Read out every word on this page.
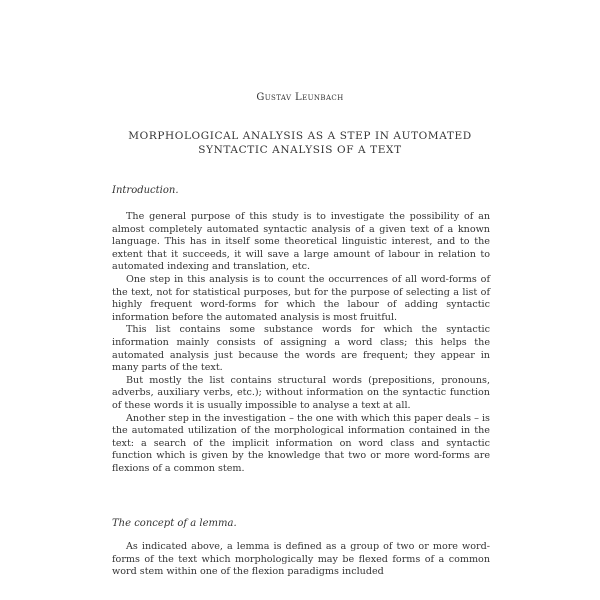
Gustav Leunbach
MORPHOLOGICAL ANALYSIS AS A STEP IN AUTOMATED
SYNTACTIC ANALYSIS OF A TEXT
Introduction.

The general purpose of this study is to investigate the possibility of an almost completely automated syntactic analysis of a given text of a known language. This has in itself some theoretical linguistic interest, and to the extent that it succeeds, it will save a large amount of labour in relation to automated indexing and translation, etc.

One step in this analysis is to count the occurrences of all word-forms of the text, not for statistical purposes, but for the purpose of selecting a list of highly frequent word-forms for which the labour of adding syntactic information before the automated analysis is most fruitful.

This list contains some substance words for which the syntactic information mainly consists of assigning a word class; this helps the automated analysis just because the words are frequent; they appear in many parts of the text.

But mostly the list contains structural words (prepositions, pronouns, adverbs, auxiliary verbs, etc.); without information on the syntactic function of these words it is usually impossible to analyse a text at all.

Another step in the investigation – the one with which this paper deals – is the automated utilization of the morphological information contained in the text: a search of the implicit information on word class and syntactic function which is given by the knowledge that two or more word-forms are flexions of a common stem.

The concept of a lemma.

As indicated above, a lemma is defined as a group of two or more word-forms of the text which morphologically may be flexed forms of a common word stem within one of the flexion paradigms included
